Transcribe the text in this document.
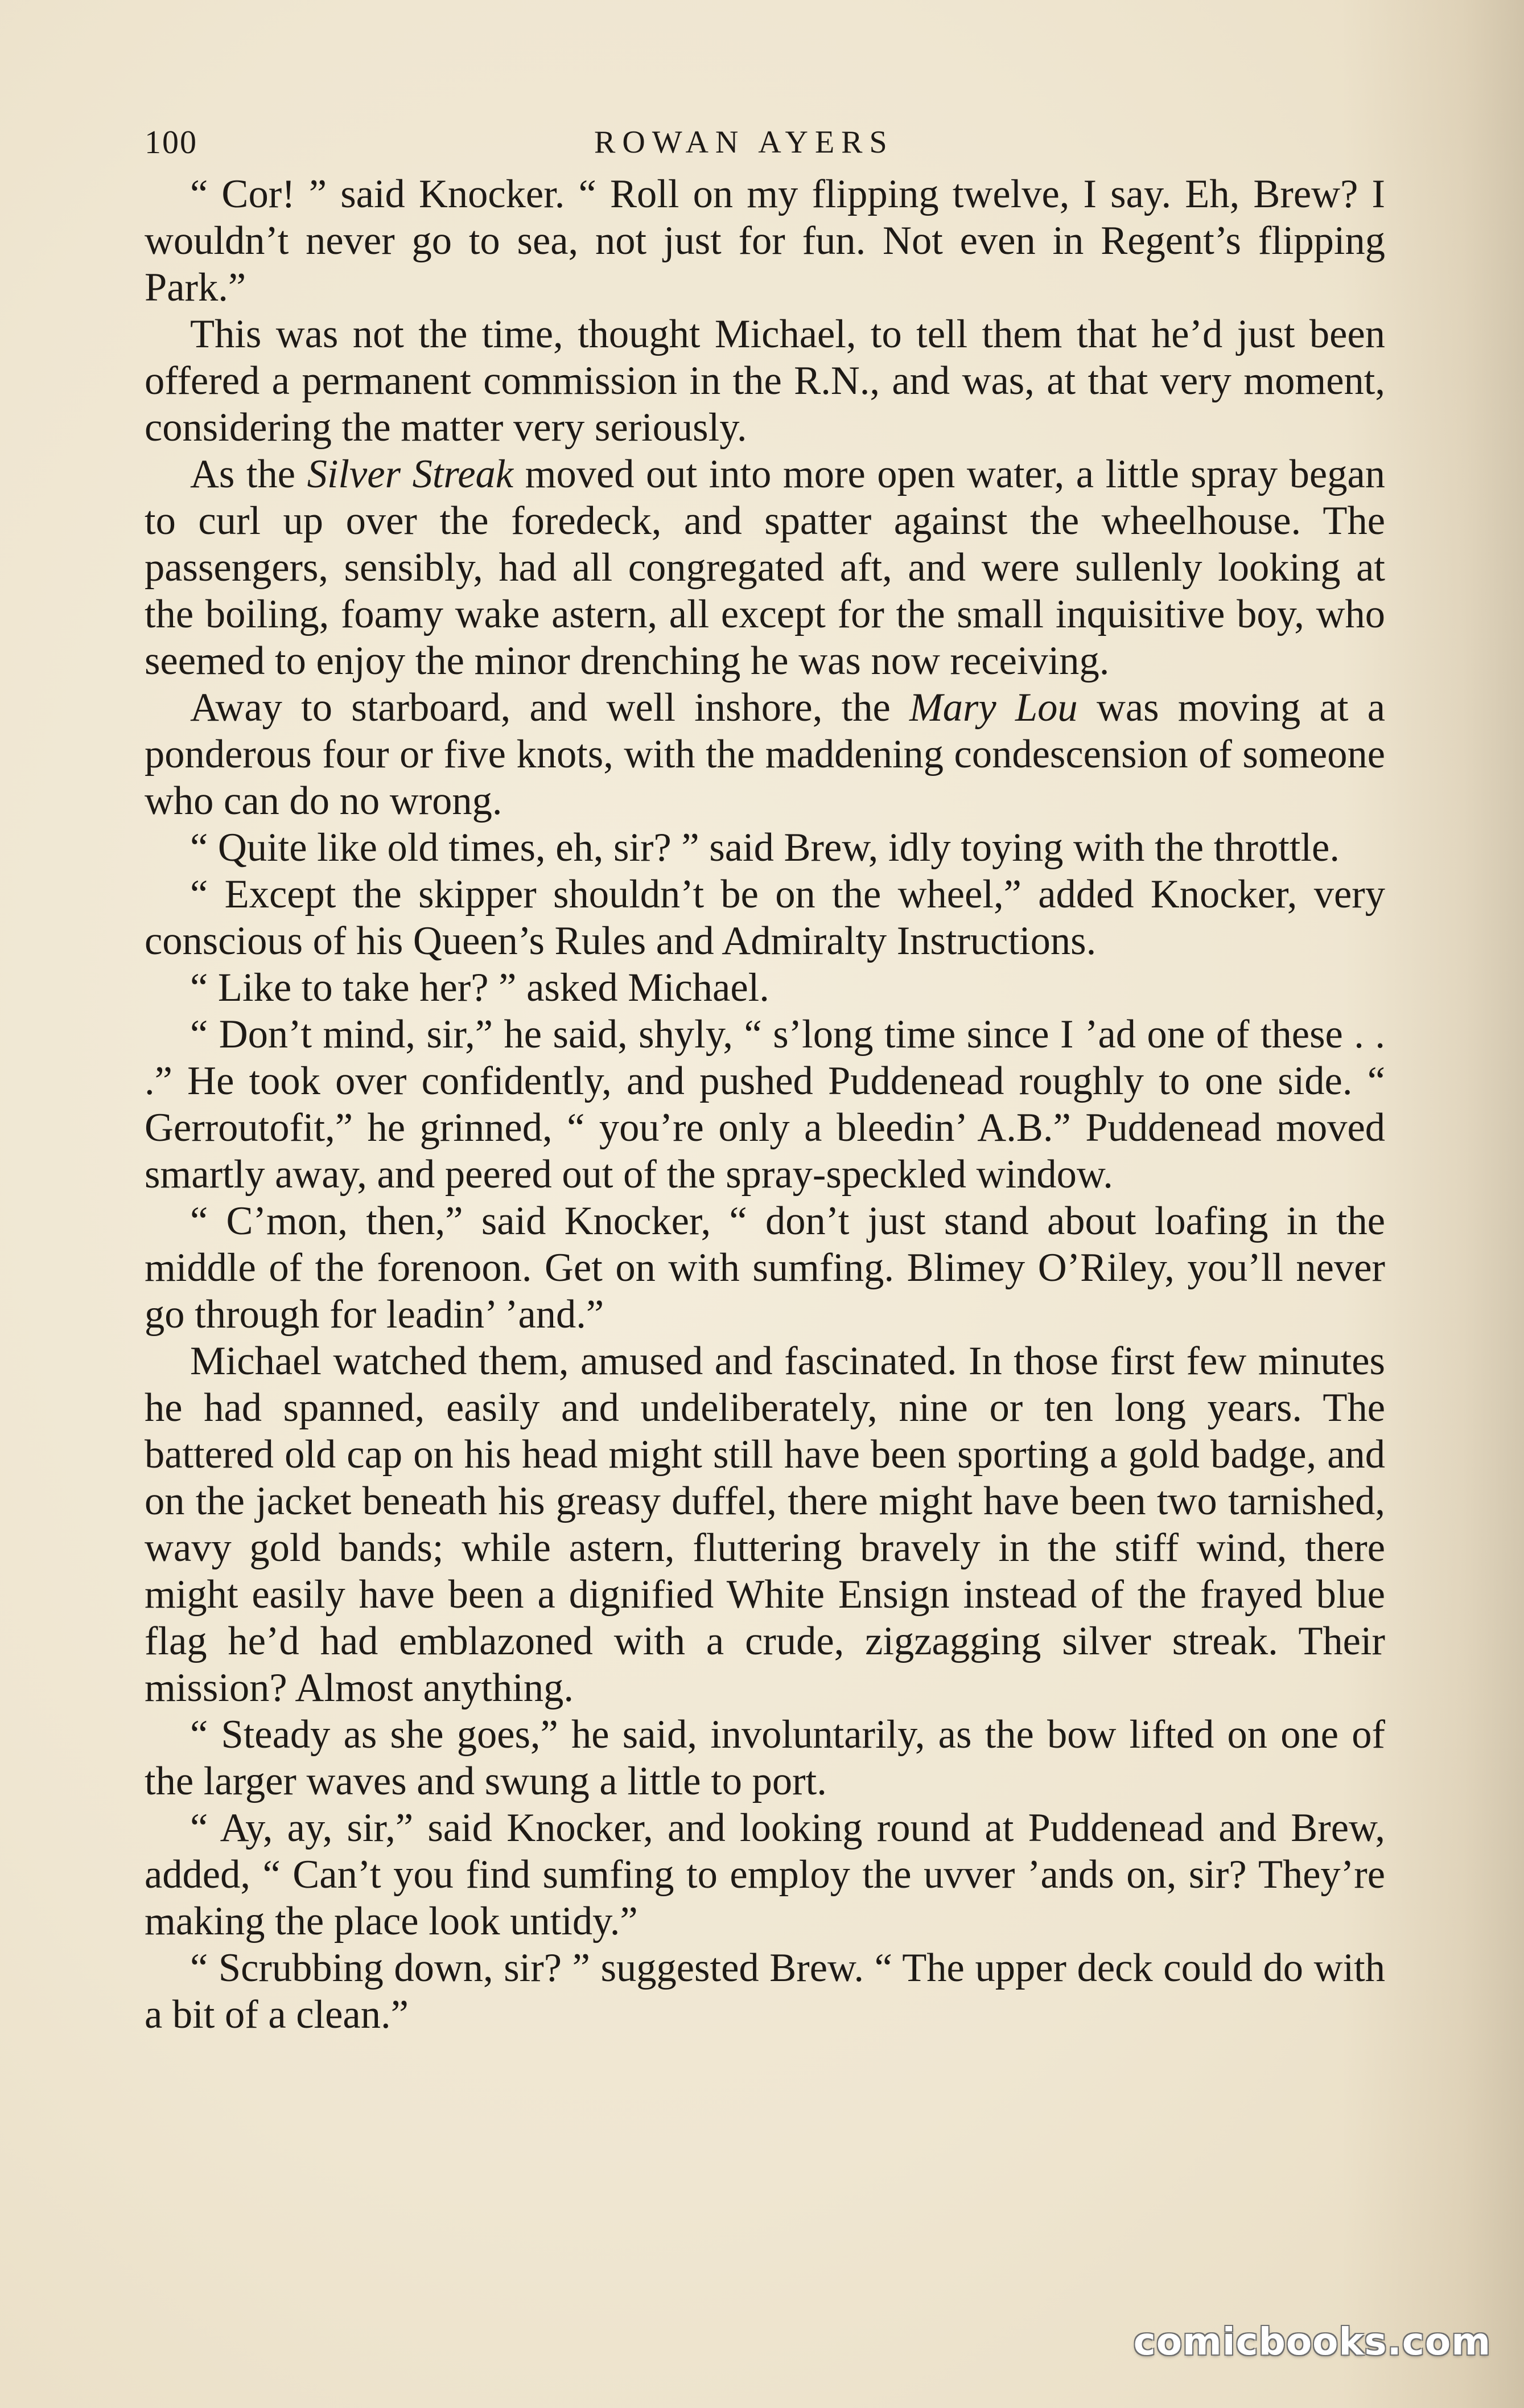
100	ROWAN AYERS

“ Cor! ” said Knocker. “ Roll on my flipping twelve, I say. Eh, Brew? I wouldn’t never go to sea, not just for fun. Not even in Regent’s flipping Park.”

This was not the time, thought Michael, to tell them that he’d just been offered a permanent commission in the R.N., and was, at that very moment, considering the matter very seriously.

As the Silver Streak moved out into more open water, a little spray began to curl up over the foredeck, and spatter against the wheelhouse. The passengers, sensibly, had all congregated aft, and were sullenly looking at the boiling, foamy wake astern, all except for the small inquisitive boy, who seemed to enjoy the minor drenching he was now receiving.

Away to starboard, and well inshore, the Mary Lou was moving at a ponderous four or five knots, with the maddening condescension of someone who can do no wrong.

“ Quite like old times, eh, sir? ” said Brew, idly toying with the throttle.

“ Except the skipper shouldn’t be on the wheel,” added Knocker, very conscious of his Queen’s Rules and Admiralty Instructions.

“ Like to take her? ” asked Michael.

“ Don’t mind, sir,” he said, shyly, “ s’long time since I ’ad one of these . . .” He took over confidently, and pushed Puddenead roughly to one side. “ Gerroutofit,” he grinned, “ you’re only a bleedin’ A.B.” Puddenead moved smartly away, and peered out of the spray-speckled window.

“ C’mon, then,” said Knocker, “ don’t just stand about loafing in the middle of the forenoon. Get on with sumfing. Blimey O’Riley, you’ll never go through for leadin’ ’and.”

Michael watched them, amused and fascinated. In those first few minutes he had spanned, easily and undeliberately, nine or ten long years. The battered old cap on his head might still have been sporting a gold badge, and on the jacket beneath his greasy duffel, there might have been two tarnished, wavy gold bands; while astern, fluttering bravely in the stiff wind, there might easily have been a dignified White Ensign instead of the frayed blue flag he’d had emblazoned with a crude, zigzagging silver streak. Their mission? Almost anything.

“ Steady as she goes,” he said, involuntarily, as the bow lifted on one of the larger waves and swung a little to port.

“ Ay, ay, sir,” said Knocker, and looking round at Puddenead and Brew, added, “ Can’t you find sumfing to employ the uvver ’ands on, sir? They’re making the place look untidy.”

“ Scrubbing down, sir? ” suggested Brew. “ The upper deck could do with a bit of a clean.”

comicbooks.com
